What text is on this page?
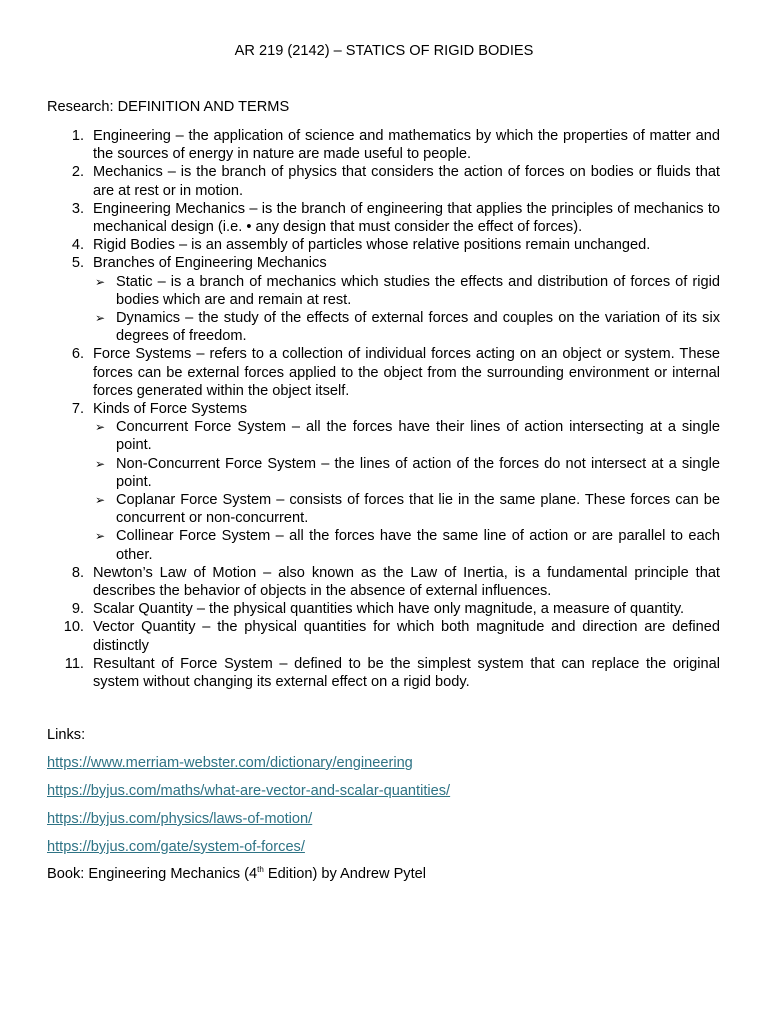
AR 219 (2142) – STATICS OF RIGID BODIES
Research: DEFINITION AND TERMS
1. Engineering – the application of science and mathematics by which the properties of matter and the sources of energy in nature are made useful to people.
2. Mechanics – is the branch of physics that considers the action of forces on bodies or fluids that are at rest or in motion.
3. Engineering Mechanics – is the branch of engineering that applies the principles of mechanics to mechanical design (i.e. • any design that must consider the effect of forces).
4. Rigid Bodies – is an assembly of particles whose relative positions remain unchanged.
5. Branches of Engineering Mechanics
➢ Static – is a branch of mechanics which studies the effects and distribution of forces of rigid bodies which are and remain at rest.
➢ Dynamics – the study of the effects of external forces and couples on the variation of its six degrees of freedom.
6. Force Systems – refers to a collection of individual forces acting on an object or system. These forces can be external forces applied to the object from the surrounding environment or internal forces generated within the object itself.
7. Kinds of Force Systems
➢ Concurrent Force System – all the forces have their lines of action intersecting at a single point.
➢ Non-Concurrent Force System – the lines of action of the forces do not intersect at a single point.
➢ Coplanar Force System – consists of forces that lie in the same plane. These forces can be concurrent or non-concurrent.
➢ Collinear Force System – all the forces have the same line of action or are parallel to each other.
8. Newton’s Law of Motion – also known as the Law of Inertia, is a fundamental principle that describes the behavior of objects in the absence of external influences.
9. Scalar Quantity – the physical quantities which have only magnitude, a measure of quantity.
10. Vector Quantity – the physical quantities for which both magnitude and direction are defined distinctly
11. Resultant of Force System – defined to be the simplest system that can replace the original system without changing its external effect on a rigid body.
Links:
https://www.merriam-webster.com/dictionary/engineering
https://byjus.com/maths/what-are-vector-and-scalar-quantities/
https://byjus.com/physics/laws-of-motion/
https://byjus.com/gate/system-of-forces/
Book: Engineering Mechanics (4th Edition) by Andrew Pytel
